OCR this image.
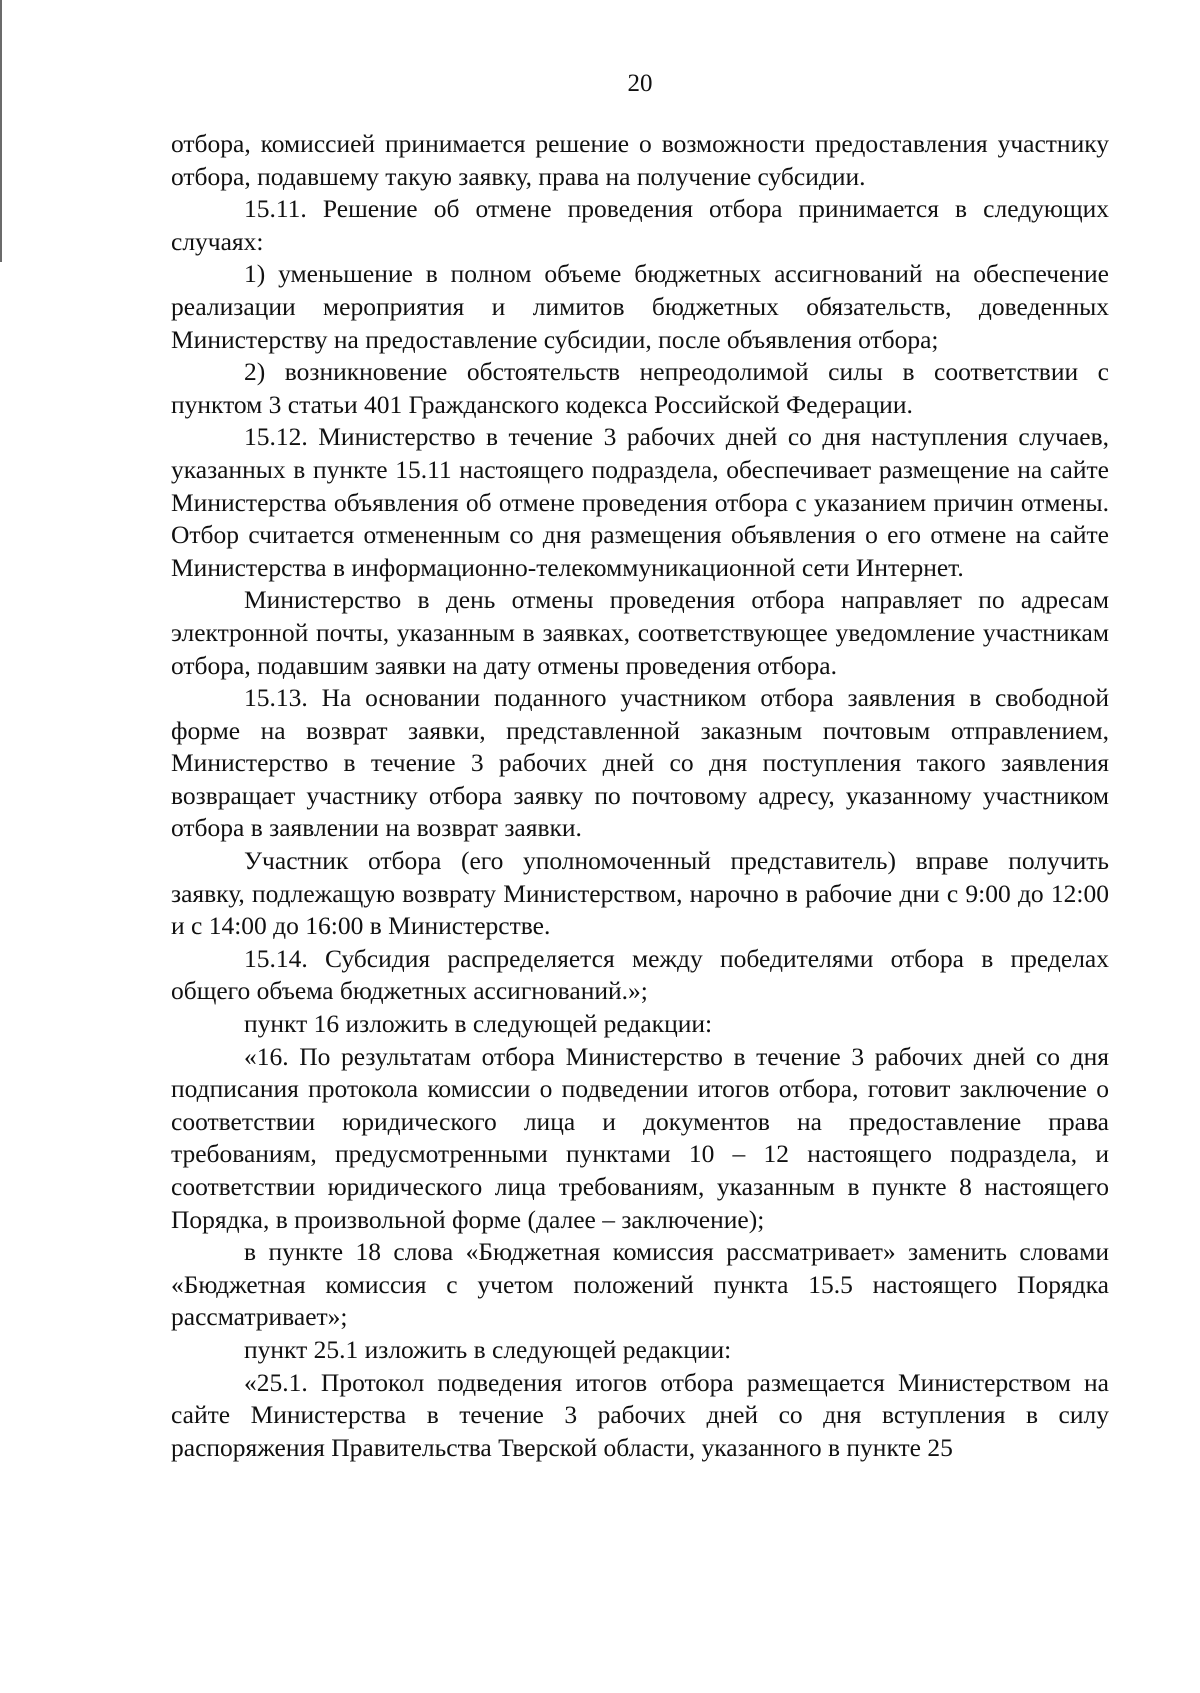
20

отбора, комиссией принимается решение о возможности предоставления участнику отбора, подавшему такую заявку, права на получение субсидии.

15.11. Решение об отмене проведения отбора принимается в следующих случаях:

1) уменьшение в полном объеме бюджетных ассигнований на обеспечение реализации мероприятия и лимитов бюджетных обязательств, доведенных Министерству на предоставление субсидии, после объявления отбора;

2) возникновение обстоятельств непреодолимой силы в соответствии с пунктом 3 статьи 401 Гражданского кодекса Российской Федерации.

15.12. Министерство в течение 3 рабочих дней со дня наступления случаев, указанных в пункте 15.11 настоящего подраздела, обеспечивает размещение на сайте Министерства объявления об отмене проведения отбора с указанием причин отмены. Отбор считается отмененным со дня размещения объявления о его отмене на сайте Министерства в информационно-телекоммуникационной сети Интернет.

Министерство в день отмены проведения отбора направляет по адресам электронной почты, указанным в заявках, соответствующее уведомление участникам отбора, подавшим заявки на дату отмены проведения отбора.

15.13. На основании поданного участником отбора заявления в свободной форме на возврат заявки, представленной заказным почтовым отправлением, Министерство в течение 3 рабочих дней со дня поступления такого заявления возвращает участнику отбора заявку по почтовому адресу, указанному участником отбора в заявлении на возврат заявки.

Участник отбора (его уполномоченный представитель) вправе получить заявку, подлежащую возврату Министерством, нарочно в рабочие дни с 9:00 до 12:00 и с 14:00 до 16:00 в Министерстве.

15.14. Субсидия распределяется между победителями отбора в пределах общего объема бюджетных ассигнований.»;

пункт 16 изложить в следующей редакции:

«16. По результатам отбора Министерство в течение 3 рабочих дней со дня подписания протокола комиссии о подведении итогов отбора, готовит заключение о соответствии юридического лица и документов на предоставление права требованиям, предусмотренными пунктами 10 – 12 настоящего подраздела, и соответствии юридического лица требованиям, указанным в пункте 8 настоящего Порядка, в произвольной форме (далее – заключение);

в пункте 18 слова «Бюджетная комиссия рассматривает» заменить словами «Бюджетная комиссия с учетом положений пункта 15.5 настоящего Порядка рассматривает»;

пункт 25.1 изложить в следующей редакции:

«25.1. Протокол подведения итогов отбора размещается Министерством на сайте Министерства в течение 3 рабочих дней со дня вступления в силу распоряжения Правительства Тверской области, указанного в пункте 25
